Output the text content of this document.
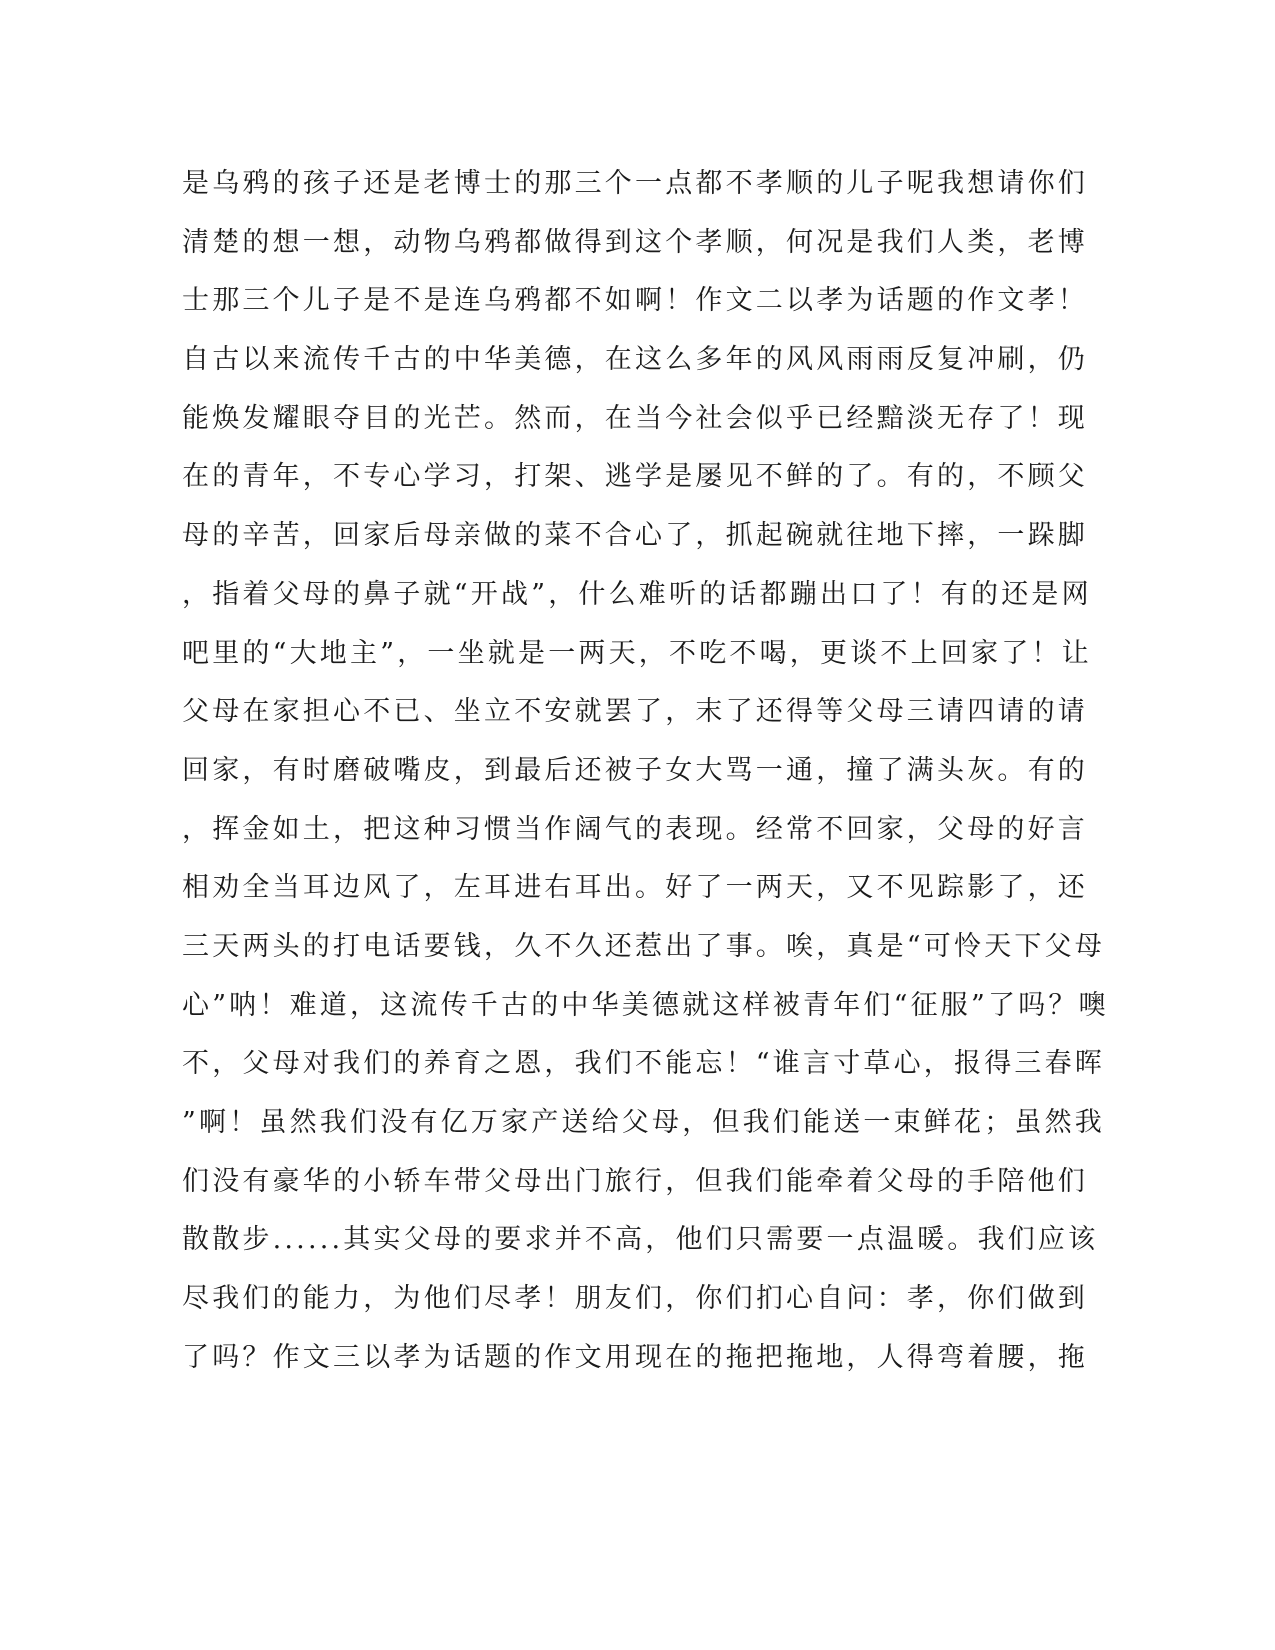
是乌鸦的孩子还是老博士的那三个一点都不孝顺的儿子呢我想请你们
清楚的想一想，动物乌鸦都做得到这个孝顺，何况是我们人类，老博
士那三个儿子是不是连乌鸦都不如啊！作文二以孝为话题的作文孝！
自古以来流传千古的中华美德，在这么多年的风风雨雨反复冲刷，仍
能焕发耀眼夺目的光芒。然而，在当今社会似乎已经黯淡无存了！现
在的青年，不专心学习，打架、逃学是屡见不鲜的了。有的，不顾父
母的辛苦，回家后母亲做的菜不合心了，抓起碗就往地下摔，一跺脚
，指着父母的鼻子就“开战”，什么难听的话都蹦出口了！有的还是网
吧里的“大地主”，一坐就是一两天，不吃不喝，更谈不上回家了！让
父母在家担心不已、坐立不安就罢了，末了还得等父母三请四请的请
回家，有时磨破嘴皮，到最后还被子女大骂一通，撞了满头灰。有的
，挥金如土，把这种习惯当作阔气的表现。经常不回家，父母的好言
相劝全当耳边风了，左耳进右耳出。好了一两天，又不见踪影了，还
三天两头的打电话要钱，久不久还惹出了事。唉，真是“可怜天下父母
心”呐！难道，这流传千古的中华美德就这样被青年们“征服”了吗？噢
不，父母对我们的养育之恩，我们不能忘！“谁言寸草心，报得三春晖
”啊！虽然我们没有亿万家产送给父母，但我们能送一束鲜花；虽然我
们没有豪华的小轿车带父母出门旅行，但我们能牵着父母的手陪他们
散散步......其实父母的要求并不高，他们只需要一点温暖。我们应该
尽我们的能力，为他们尽孝！朋友们，你们扪心自问：孝，你们做到
了吗？作文三以孝为话题的作文用现在的拖把拖地，人得弯着腰，拖
